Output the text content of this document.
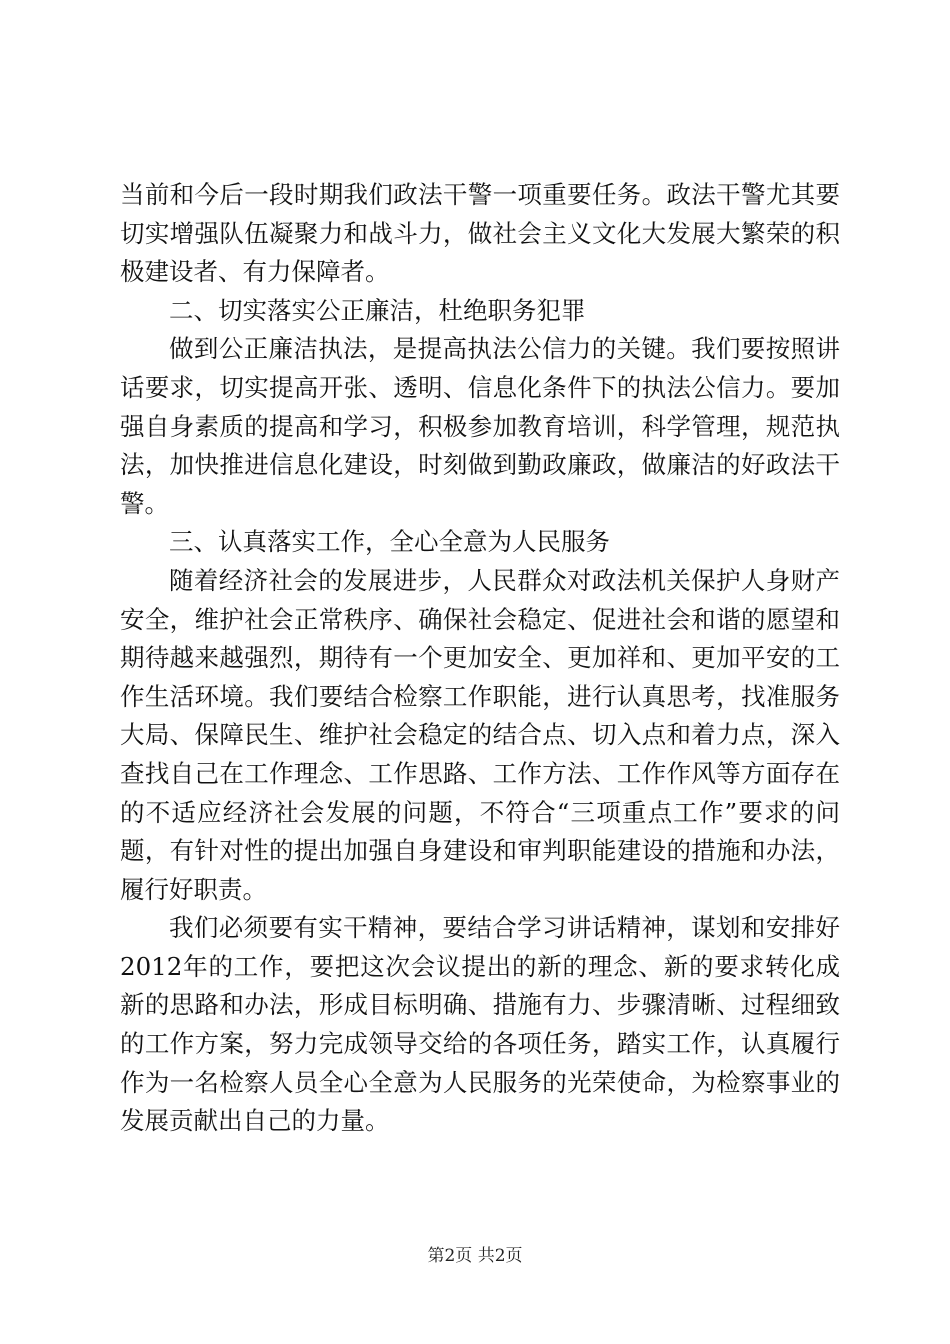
当前和今后一段时期我们政法干警一项重要任务。政法干警尤其要切实增强队伍凝聚力和战斗力，做社会主义文化大发展大繁荣的积极建设者、有力保障者。

二、切实落实公正廉洁，杜绝职务犯罪

做到公正廉洁执法，是提高执法公信力的关键。我们要按照讲话要求，切实提高开张、透明、信息化条件下的执法公信力。要加强自身素质的提高和学习，积极参加教育培训，科学管理，规范执法，加快推进信息化建设，时刻做到勤政廉政，做廉洁的好政法干警。

三、认真落实工作，全心全意为人民服务

随着经济社会的发展进步，人民群众对政法机关保护人身财产安全，维护社会正常秩序、确保社会稳定、促进社会和谐的愿望和期待越来越强烈，期待有一个更加安全、更加祥和、更加平安的工作生活环境。我们要结合检察工作职能，进行认真思考，找准服务大局、保障民生、维护社会稳定的结合点、切入点和着力点，深入查找自己在工作理念、工作思路、工作方法、工作作风等方面存在的不适应经济社会发展的问题，不符合“三项重点工作”要求的问题，有针对性的提出加强自身建设和审判职能建设的措施和办法，履行好职责。

我们必须要有实干精神，要结合学习讲话精神，谋划和安排好2012年的工作，要把这次会议提出的新的理念、新的要求转化成新的思路和办法，形成目标明确、措施有力、步骤清晰、过程细致的工作方案，努力完成领导交给的各项任务，踏实工作，认真履行作为一名检察人员全心全意为人民服务的光荣使命，为检察事业的发展贡献出自己的力量。

第2页 共2页
